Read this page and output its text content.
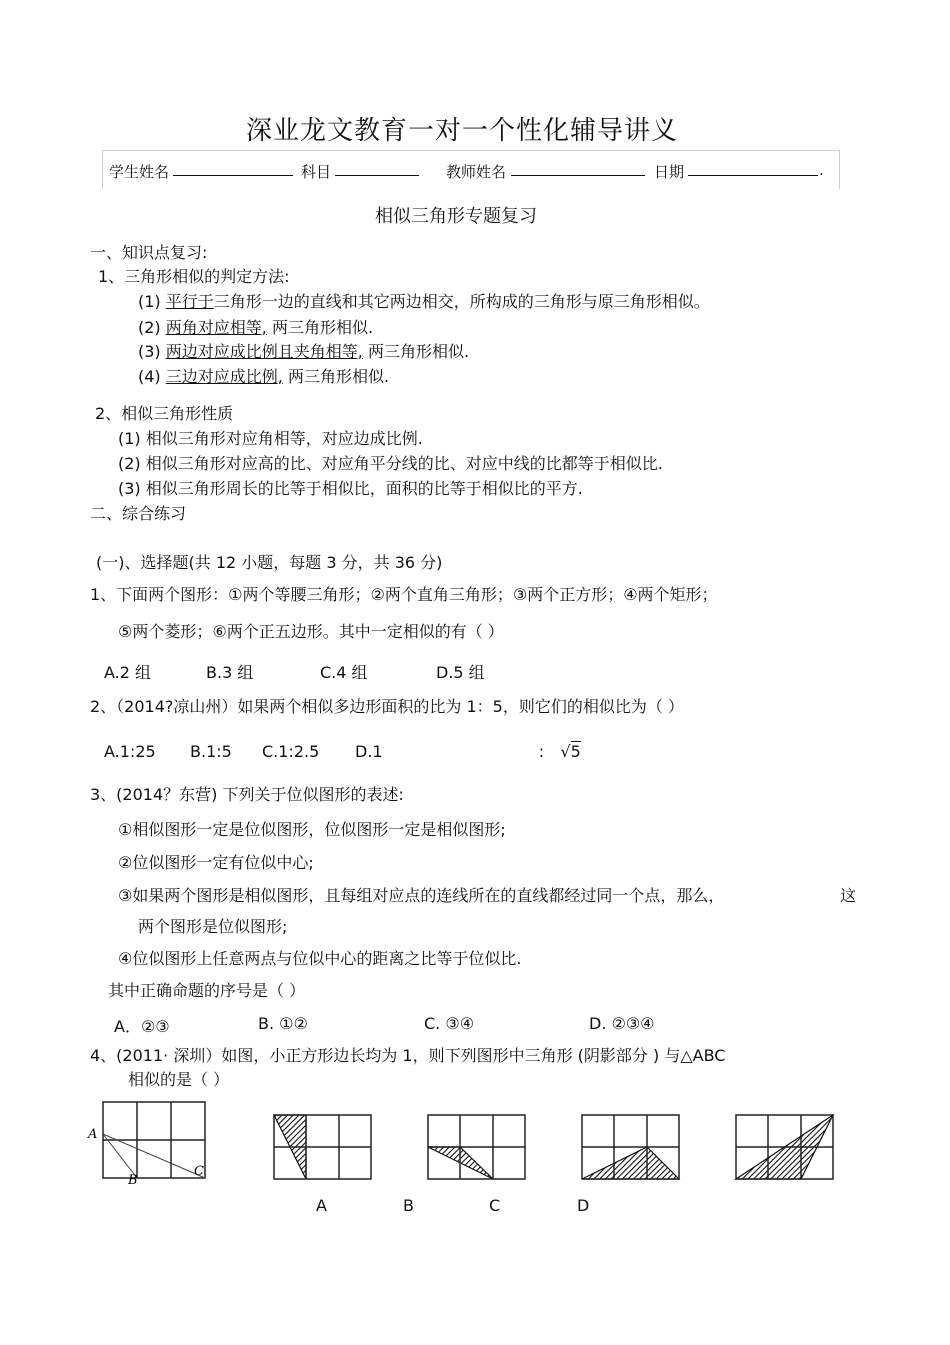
深业龙文教育一对一个性化辅导讲义
学生姓名	科目	教师姓名	日期	.
相似三角形专题复习
一、知识点复习:
1、三角形相似的判定方法:
(1) 平行于三角形一边的直线和其它两边相交，所构成的三角形与原三角形相似。
(2) 两角对应相等, 两三角形相似.
(3) 两边对应成比例且夹角相等, 两三角形相似.
(4) 三边对应成比例, 两三角形相似.
2、相似三角形性质
(1) 相似三角形对应角相等，对应边成比例.
(2) 相似三角形对应高的比、对应角平分线的比、对应中线的比都等于相似比.
(3) 相似三角形周长的比等于相似比，面积的比等于相似比的平方.
二、综合练习
(一)、选择题(共 12 小题，每题 3 分，共 36 分)
1、下面两个图形：①两个等腰三角形；②两个直角三角形；③两个正方形；④两个矩形；
⑤两个菱形；⑥两个正五边形。其中一定相似的有（ ）
A.2 组	B.3 组	C.4 组	D.5 组
2、（2014?凉山州）如果两个相似多边形面积的比为 1：5，则它们的相似比为（ ）
A.1:25 B.1:5 C.1:2.5 D.1	: √5
3、(2014？东营) 下列关于位似图形的表述:
①相似图形一定是位似图形，位似图形一定是相似图形;
②位似图形一定有位似中心;
③如果两个图形是相似图形，且每组对应点的连线所在的直线都经过同一个点，那么，	这
两个图形是位似图形;
④位似图形上任意两点与位似中心的距离之比等于位似比.
其中正确命题的序号是（ ）
A．②③	B. ①②	C. ③④	D. ②③④
4、(2011· 深圳）如图，小正方形边长均为 1，则下列图形中三角形 (阴影部分 ) 与△ABC
相似的是（ ）
A
B
C
A	B	C	D
